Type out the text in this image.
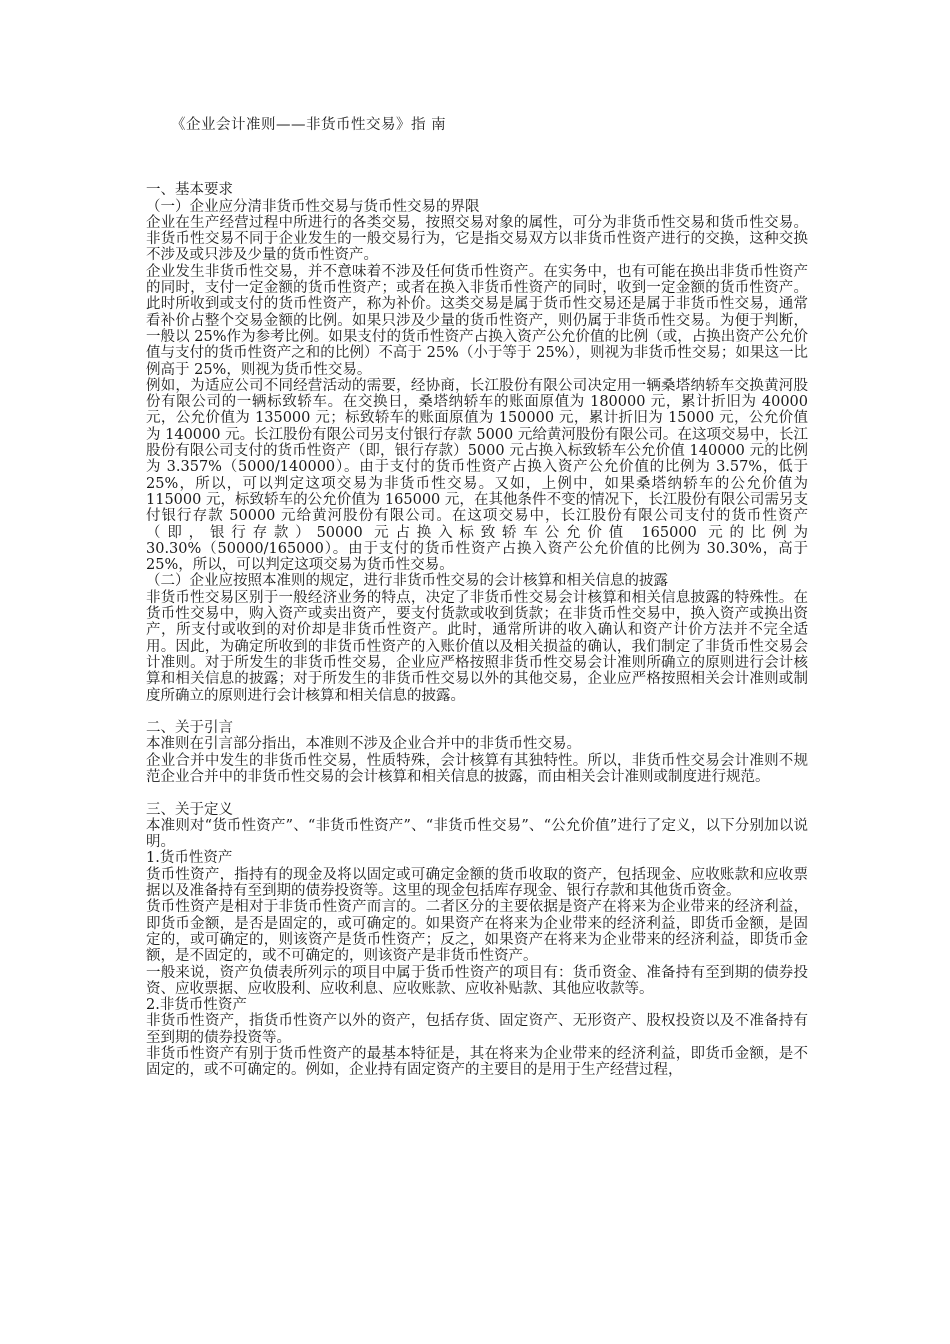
《企业会计准则——非货币性交易》指 南

一、基本要求

（一）企业应分清非货币性交易与货币性交易的界限

企业在生产经营过程中所进行的各类交易，按照交易对象的属性，可分为非货币性交易和货币性交易。非货币性交易不同于企业发生的一般交易行为，它是指交易双方以非货币性资产进行的交换，这种交换不涉及或只涉及少量的货币性资产。

企业发生非货币性交易，并不意味着不涉及任何货币性资产。在实务中，也有可能在换出非货币性资产的同时，支付一定金额的货币性资产；或者在换入非货币性资产的同时，收到一定金额的货币性资产。此时所收到或支付的货币性资产，称为补价。这类交易是属于货币性交易还是属于非货币性交易，通常看补价占整个交易金额的比例。如果只涉及少量的货币性资产，则仍属于非货币性交易。为便于判断，一般以 25%作为参考比例。如果支付的货币性资产占换入资产公允价值的比例（或，占换出资产公允价值与支付的货币性资产之和的比例）不高于 25%（小于等于 25%），则视为非货币性交易；如果这一比例高于 25%，则视为货币性交易。

例如，为适应公司不同经营活动的需要，经协商，长江股份有限公司决定用一辆桑塔纳轿车交换黄河股份有限公司的一辆标致轿车。在交换日，桑塔纳轿车的账面原值为 180000 元，累计折旧为 40000 元，公允价值为 135000 元；标致轿车的账面原值为 150000 元，累计折旧为 15000 元，公允价值为 140000 元。长江股份有限公司另支付银行存款 5000 元给黄河股份有限公司。在这项交易中，长江股份有限公司支付的货币性资产（即，银行存款）5000 元占换入标致轿车公允价值 140000 元的比例为 3.357%（5000/140000）。由于支付的货币性资产占换入资产公允价值的比例为 3.57%，低于 25%，所以，可以判定这项交易为非货币性交易。又如，上例中，如果桑塔纳轿车的公允价值为 115000 元，标致轿车的公允价值为 165000 元，在其他条件不变的情况下，长江股份有限公司需另支付银行存款 50000 元给黄河股份有限公司。在这项交易中，长江股份有限公司支付的货币性资产（即，银行存款）50000 元占换入标致轿车公允价值 165000 元的比例为 30.30%（50000/165000）。由于支付的货币性资产占换入资产公允价值的比例为 30.30%，高于 25%，所以，可以判定这项交易为货币性交易。

（二）企业应按照本准则的规定，进行非货币性交易的会计核算和相关信息的披露

非货币性交易区别于一般经济业务的特点，决定了非货币性交易会计核算和相关信息披露的特殊性。在货币性交易中，购入资产或卖出资产，要支付货款或收到货款；在非货币性交易中，换入资产或换出资产，所支付或收到的对价却是非货币性资产。此时，通常所讲的收入确认和资产计价方法并不完全适用。因此，为确定所收到的非货币性资产的入账价值以及相关损益的确认，我们制定了非货币性交易会计准则。对于所发生的非货币性交易，企业应严格按照非货币性交易会计准则所确立的原则进行会计核算和相关信息的披露；对于所发生的非货币性交易以外的其他交易，企业应严格按照相关会计准则或制度所确立的原则进行会计核算和相关信息的披露。

二、关于引言

本准则在引言部分指出，本准则不涉及企业合并中的非货币性交易。

企业合并中发生的非货币性交易，性质特殊，会计核算有其独特性。所以，非货币性交易会计准则不规范企业合并中的非货币性交易的会计核算和相关信息的披露，而由相关会计准则或制度进行规范。

三、关于定义

本准则对“货币性资产”、“非货币性资产”、“非货币性交易”、“公允价值”进行了定义，以下分别加以说明。

1.货币性资产

货币性资产，指持有的现金及将以固定或可确定金额的货币收取的资产，包括现金、应收账款和应收票据以及准备持有至到期的债券投资等。这里的现金包括库存现金、银行存款和其他货币资金。

货币性资产是相对于非货币性资产而言的。二者区分的主要依据是资产在将来为企业带来的经济利益，即货币金额，是否是固定的，或可确定的。如果资产在将来为企业带来的经济利益，即货币金额，是固定的，或可确定的，则该资产是货币性资产；反之，如果资产在将来为企业带来的经济利益，即货币金额，是不固定的，或不可确定的，则该资产是非货币性资产。

一般来说，资产负债表所列示的项目中属于货币性资产的项目有：货币资金、准备持有至到期的债券投资、应收票据、应收股利、应收利息、应收账款、应收补贴款、其他应收款等。

2.非货币性资产

非货币性资产，指货币性资产以外的资产，包括存货、固定资产、无形资产、股权投资以及不准备持有至到期的债券投资等。

非货币性资产有别于货币性资产的最基本特征是，其在将来为企业带来的经济利益，即货币金额，是不固定的，或不可确定的。例如，企业持有固定资产的主要目的是用于生产经营过程，
